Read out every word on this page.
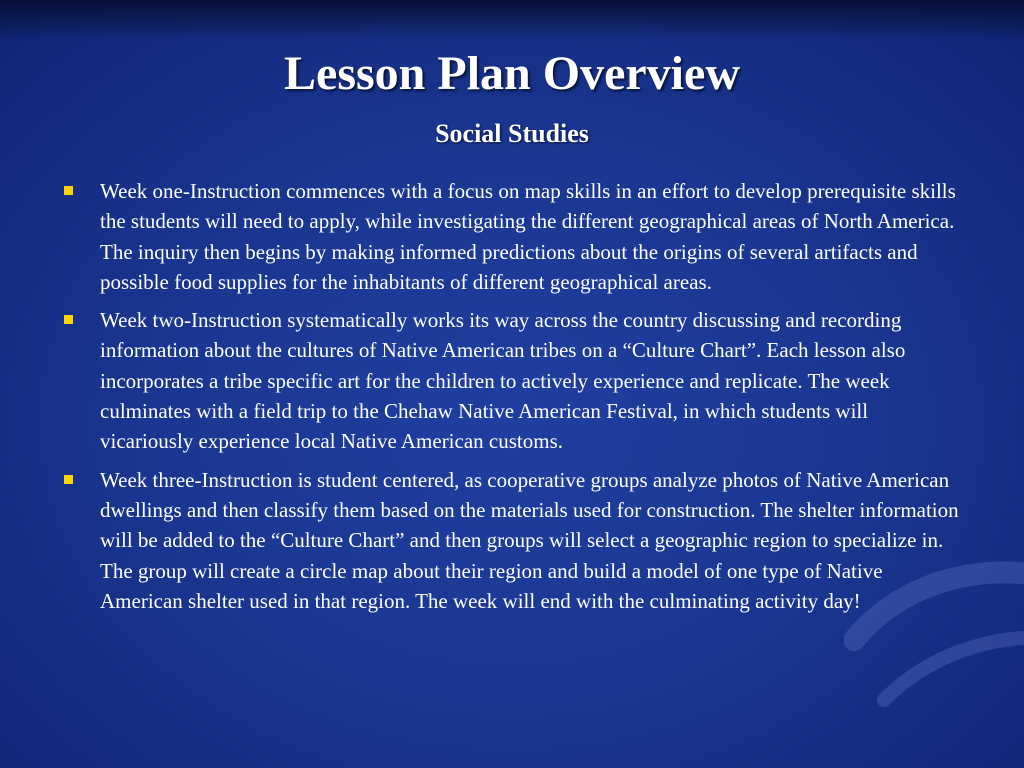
Lesson Plan Overview
Social Studies
Week one-Instruction commences with a focus on map skills in an effort to develop prerequisite skills the students will need to apply, while investigating the different geographical areas of North America. The inquiry then begins by making informed predictions about the origins of several artifacts and possible food supplies for the inhabitants of different geographical areas.
Week two-Instruction systematically works its way across the country discussing and recording information about the cultures of Native American tribes on a “Culture Chart”. Each lesson also incorporates a tribe specific art for the children to actively experience and replicate. The week culminates with a field trip to the Chehaw Native American Festival, in which students will vicariously experience local Native American customs.
Week three-Instruction is student centered, as cooperative groups analyze photos of Native American dwellings and then classify them based on the materials used for construction. The shelter information will be added to the “Culture Chart” and then groups will select a geographic region to specialize in. The group will create a circle map about their region and build a model of one type of Native American shelter used in that region. The week will end with the culminating activity day!
